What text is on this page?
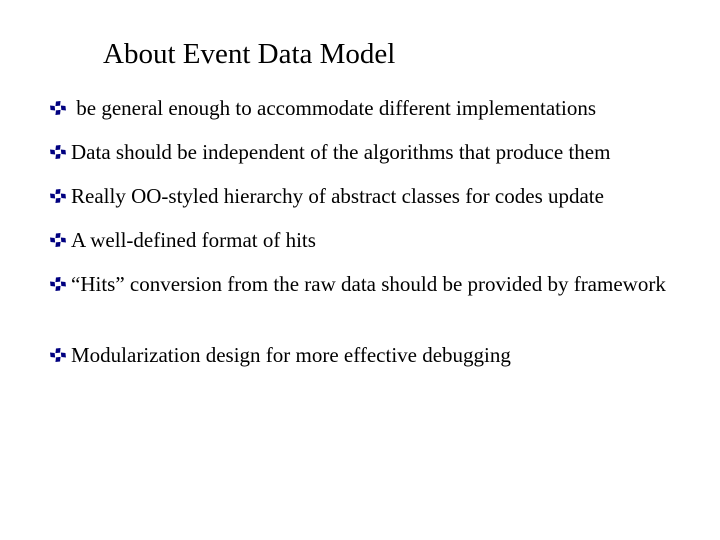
About Event Data Model
be general enough to accommodate different implementations
Data should be independent of the algorithms that produce them
Really OO-styled hierarchy of abstract classes for codes update
A well-defined format of hits
“Hits” conversion from the raw data should be provided by framework
Modularization design for more effective debugging
